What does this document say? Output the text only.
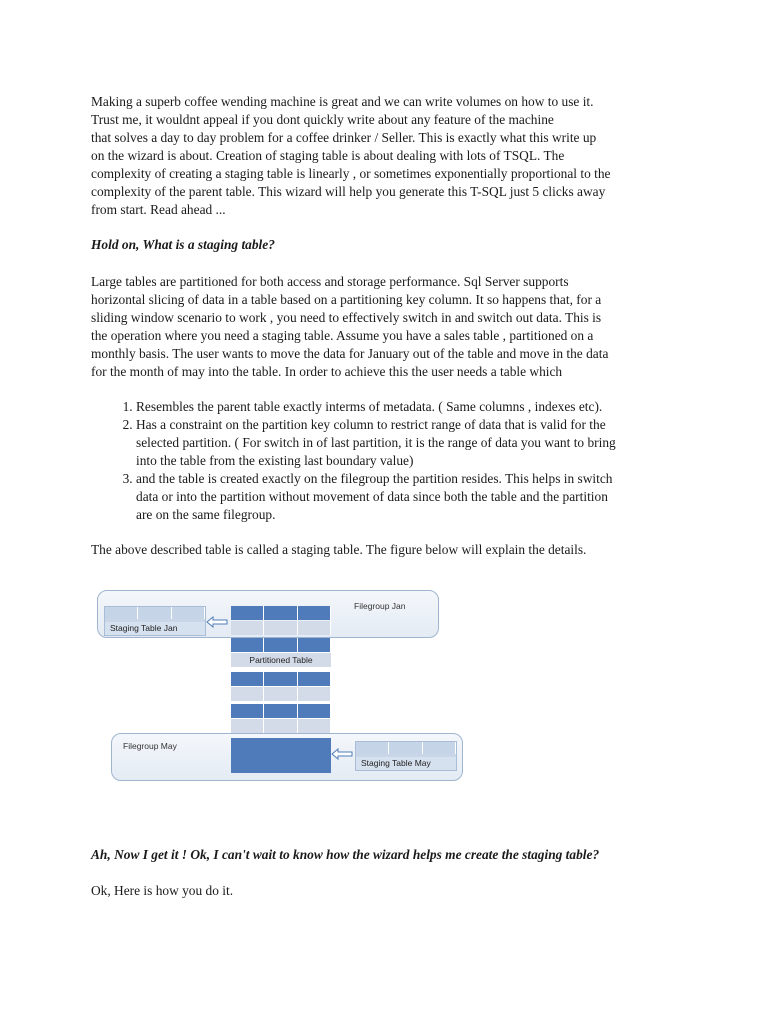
Making a superb coffee wending machine is great and we can write volumes on how to use it.
Trust me, it wouldnt appeal if you dont quickly write about any feature of the machine
that solves a day to day problem for a coffee drinker / Seller. This is exactly what this write up
on the wizard is about. Creation of staging table is about dealing with lots of TSQL. The
complexity of creating a staging table is linearly , or sometimes exponentially proportional to the
complexity of the parent table. This wizard will help you generate this T-SQL just 5 clicks away
from start. Read ahead ...

Hold on, What is a staging table?

Large tables are partitioned for both access and storage performance. Sql Server supports
horizontal slicing of data in a table based on a partitioning key column. It so happens that, for a
sliding window scenario to work , you need to effectively switch in and switch out data. This is
the operation where you need a staging table. Assume you have a sales table , partitioned on a
monthly basis. The user wants to move the data for January out of the table and move in the data
for the month of may into the table. In order to achieve this the user needs a table which

1. Resembles the parent table exactly interms of metadata. ( Same columns , indexes etc).
2. Has a constraint on the partition key column to restrict range of data that is valid for the
selected partition. ( For switch in of last partition, it is the range of data you want to bring
into the table from the existing last boundary value)
3. and the table is created exactly on the filegroup the partition resides. This helps in switch
data or into the partition without movement of data since both the table and the partition
are on the same filegroup.

The above described table is called a staging table. The figure below will explain the details.

Filegroup Jan
Staging Table Jan
Partitioned Table
Filegroup May
Staging Table May

Ah, Now I get it ! Ok, I can't wait to know how the wizard helps me create the staging table?

Ok, Here is how you do it.
